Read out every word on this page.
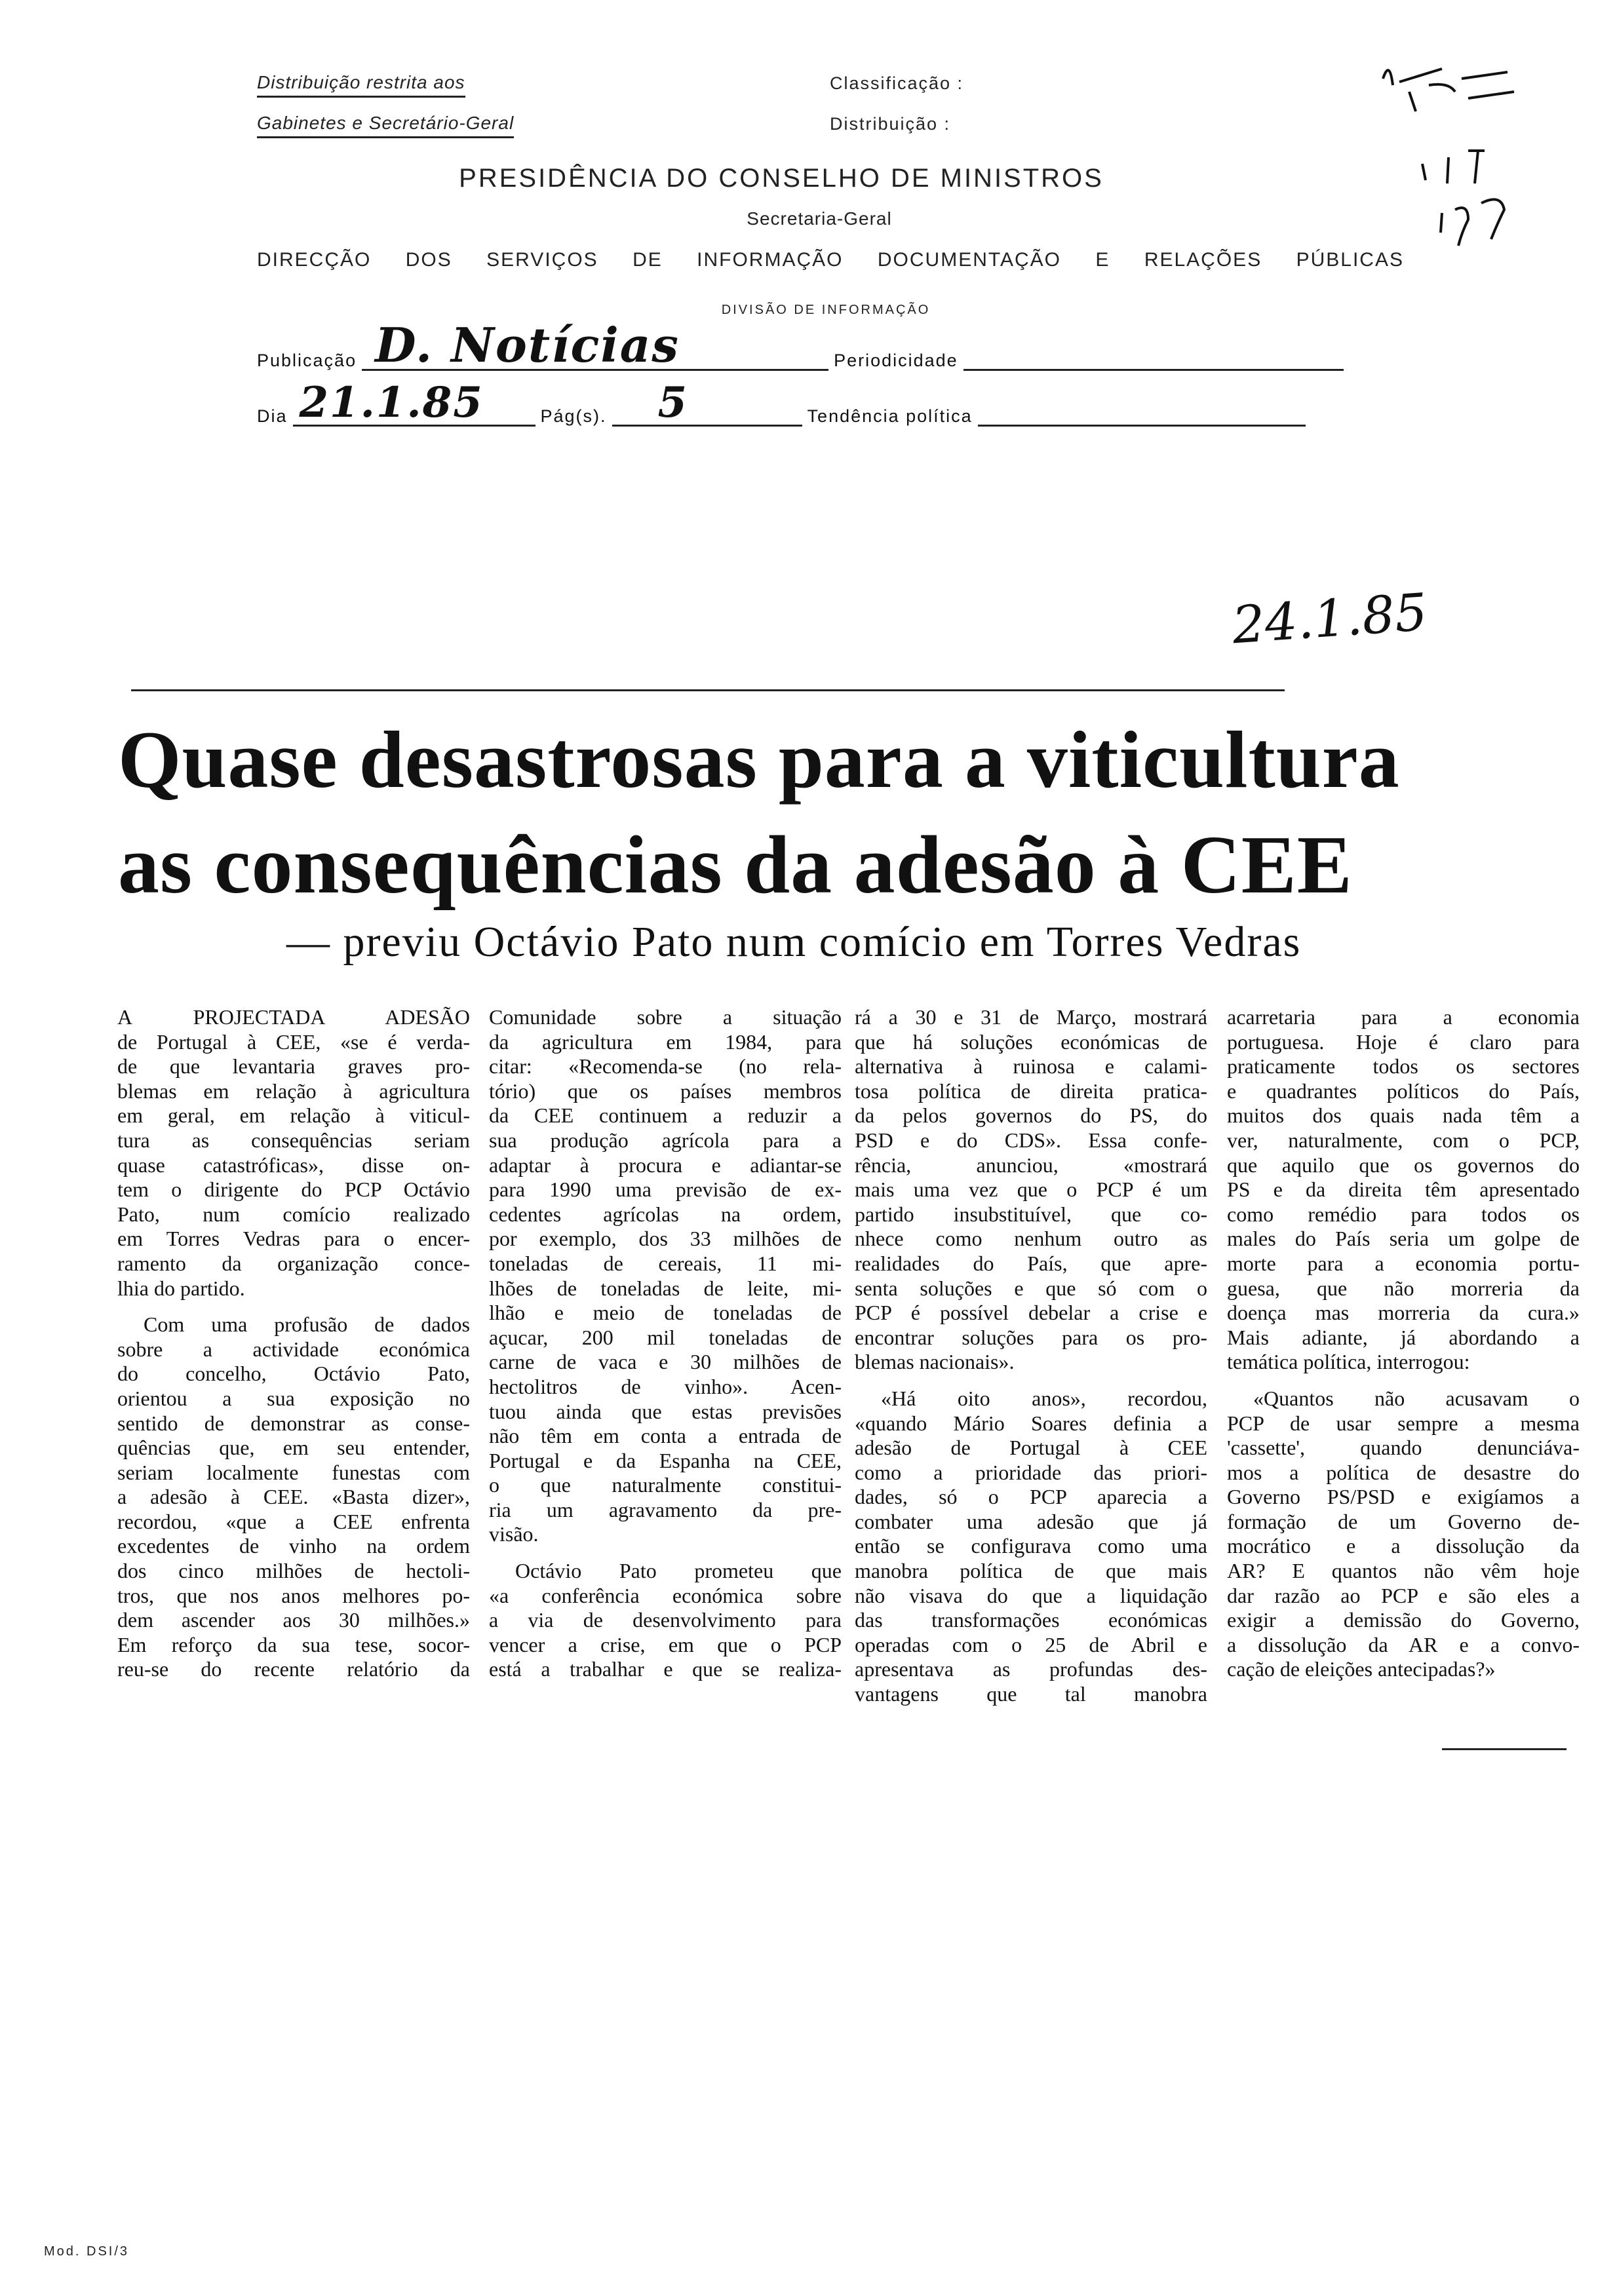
Distribuição restrita aos
Gabinetes e Secretário-Geral
Classificação :
Distribuição :
PRESIDÊNCIA DO CONSELHO DE MINISTROS
Secretaria-Geral
DIRECÇÃO DOS SERVIÇOS DE INFORMAÇÃO DOCUMENTAÇÃO E RELAÇÕES PÚBLICAS
DIVISÃO DE INFORMAÇÃO
Publicação D. Notícias	Periodicidade
Dia 21.1.85	Pág(s). 5	Tendência política
24.1.85
Quase desastrosas para a viticultura
as consequências da adesão à CEE
— previu Octávio Pato num comício em Torres Vedras
A PROJECTADA ADESÃO
de Portugal à CEE, «se é verda-
de que levantaria graves pro-
blemas em relação à agricultura
em geral, em relação à viticul-
tura as consequências seriam
quase catastróficas», disse on-
tem o dirigente do PCP Octávio
Pato, num comício realizado
em Torres Vedras para o encer-
ramento da organização conce-
lhia do partido.
Com uma profusão de dados
sobre a actividade económica
do concelho, Octávio Pato,
orientou a sua exposição no
sentido de demonstrar as conse-
quências que, em seu entender,
seriam localmente funestas com
a adesão à CEE. «Basta dizer»,
recordou, «que a CEE enfrenta
excedentes de vinho na ordem
dos cinco milhões de hectoli-
tros, que nos anos melhores po-
dem ascender aos 30 milhões.»
Em reforço da sua tese, socor-
reu-se do recente relatório da
Comunidade sobre a situação
da agricultura em 1984, para
citar: «Recomenda-se (no rela-
tório) que os países membros
da CEE continuem a reduzir a
sua produção agrícola para a
adaptar à procura e adiantar-se
para 1990 uma previsão de ex-
cedentes agrícolas na ordem,
por exemplo, dos 33 milhões de
toneladas de cereais, 11 mi-
lhões de toneladas de leite, mi-
lhão e meio de toneladas de
açucar, 200 mil toneladas de
carne de vaca e 30 milhões de
hectolitros de vinho». Acen-
tuou ainda que estas previsões
não têm em conta a entrada de
Portugal e da Espanha na CEE,
o que naturalmente constitui-
ria um agravamento da pre-
visão.
Octávio Pato prometeu que
«a conferência económica sobre
a via de desenvolvimento para
vencer a crise, em que o PCP
está a trabalhar e que se realiza-
rá a 30 e 31 de Março, mostrará
que há soluções económicas de
alternativa à ruinosa e calami-
tosa política de direita pratica-
da pelos governos do PS, do
PSD e do CDS». Essa confe-
rência, anunciou, «mostrará
mais uma vez que o PCP é um
partido insubstituível, que co-
nhece como nenhum outro as
realidades do País, que apre-
senta soluções e que só com o
PCP é possível debelar a crise e
encontrar soluções para os pro-
blemas nacionais».
«Há oito anos», recordou,
«quando Mário Soares definia a
adesão de Portugal à CEE
como a prioridade das priori-
dades, só o PCP aparecia a
combater uma adesão que já
então se configurava como uma
manobra política de que mais
não visava do que a liquidação
das transformações económicas
operadas com o 25 de Abril e
apresentava as profundas des-
vantagens que tal manobra
acarretaria para a economia
portuguesa. Hoje é claro para
praticamente todos os sectores
e quadrantes políticos do País,
muitos dos quais nada têm a
ver, naturalmente, com o PCP,
que aquilo que os governos do
PS e da direita têm apresentado
como remédio para todos os
males do País seria um golpe de
morte para a economia portu-
guesa, que não morreria da
doença mas morreria da cura.»
Mais adiante, já abordando a
temática política, interrogou:
«Quantos não acusavam o
PCP de usar sempre a mesma
'cassette', quando denunciáva-
mos a política de desastre do
Governo PS/PSD e exigíamos a
formação de um Governo de-
mocrático e a dissolução da
AR? E quantos não vêm hoje
dar razão ao PCP e são eles a
exigir a demissão do Governo,
a dissolução da AR e a convo-
cação de eleições antecipadas?»
Mod. DSI/3
